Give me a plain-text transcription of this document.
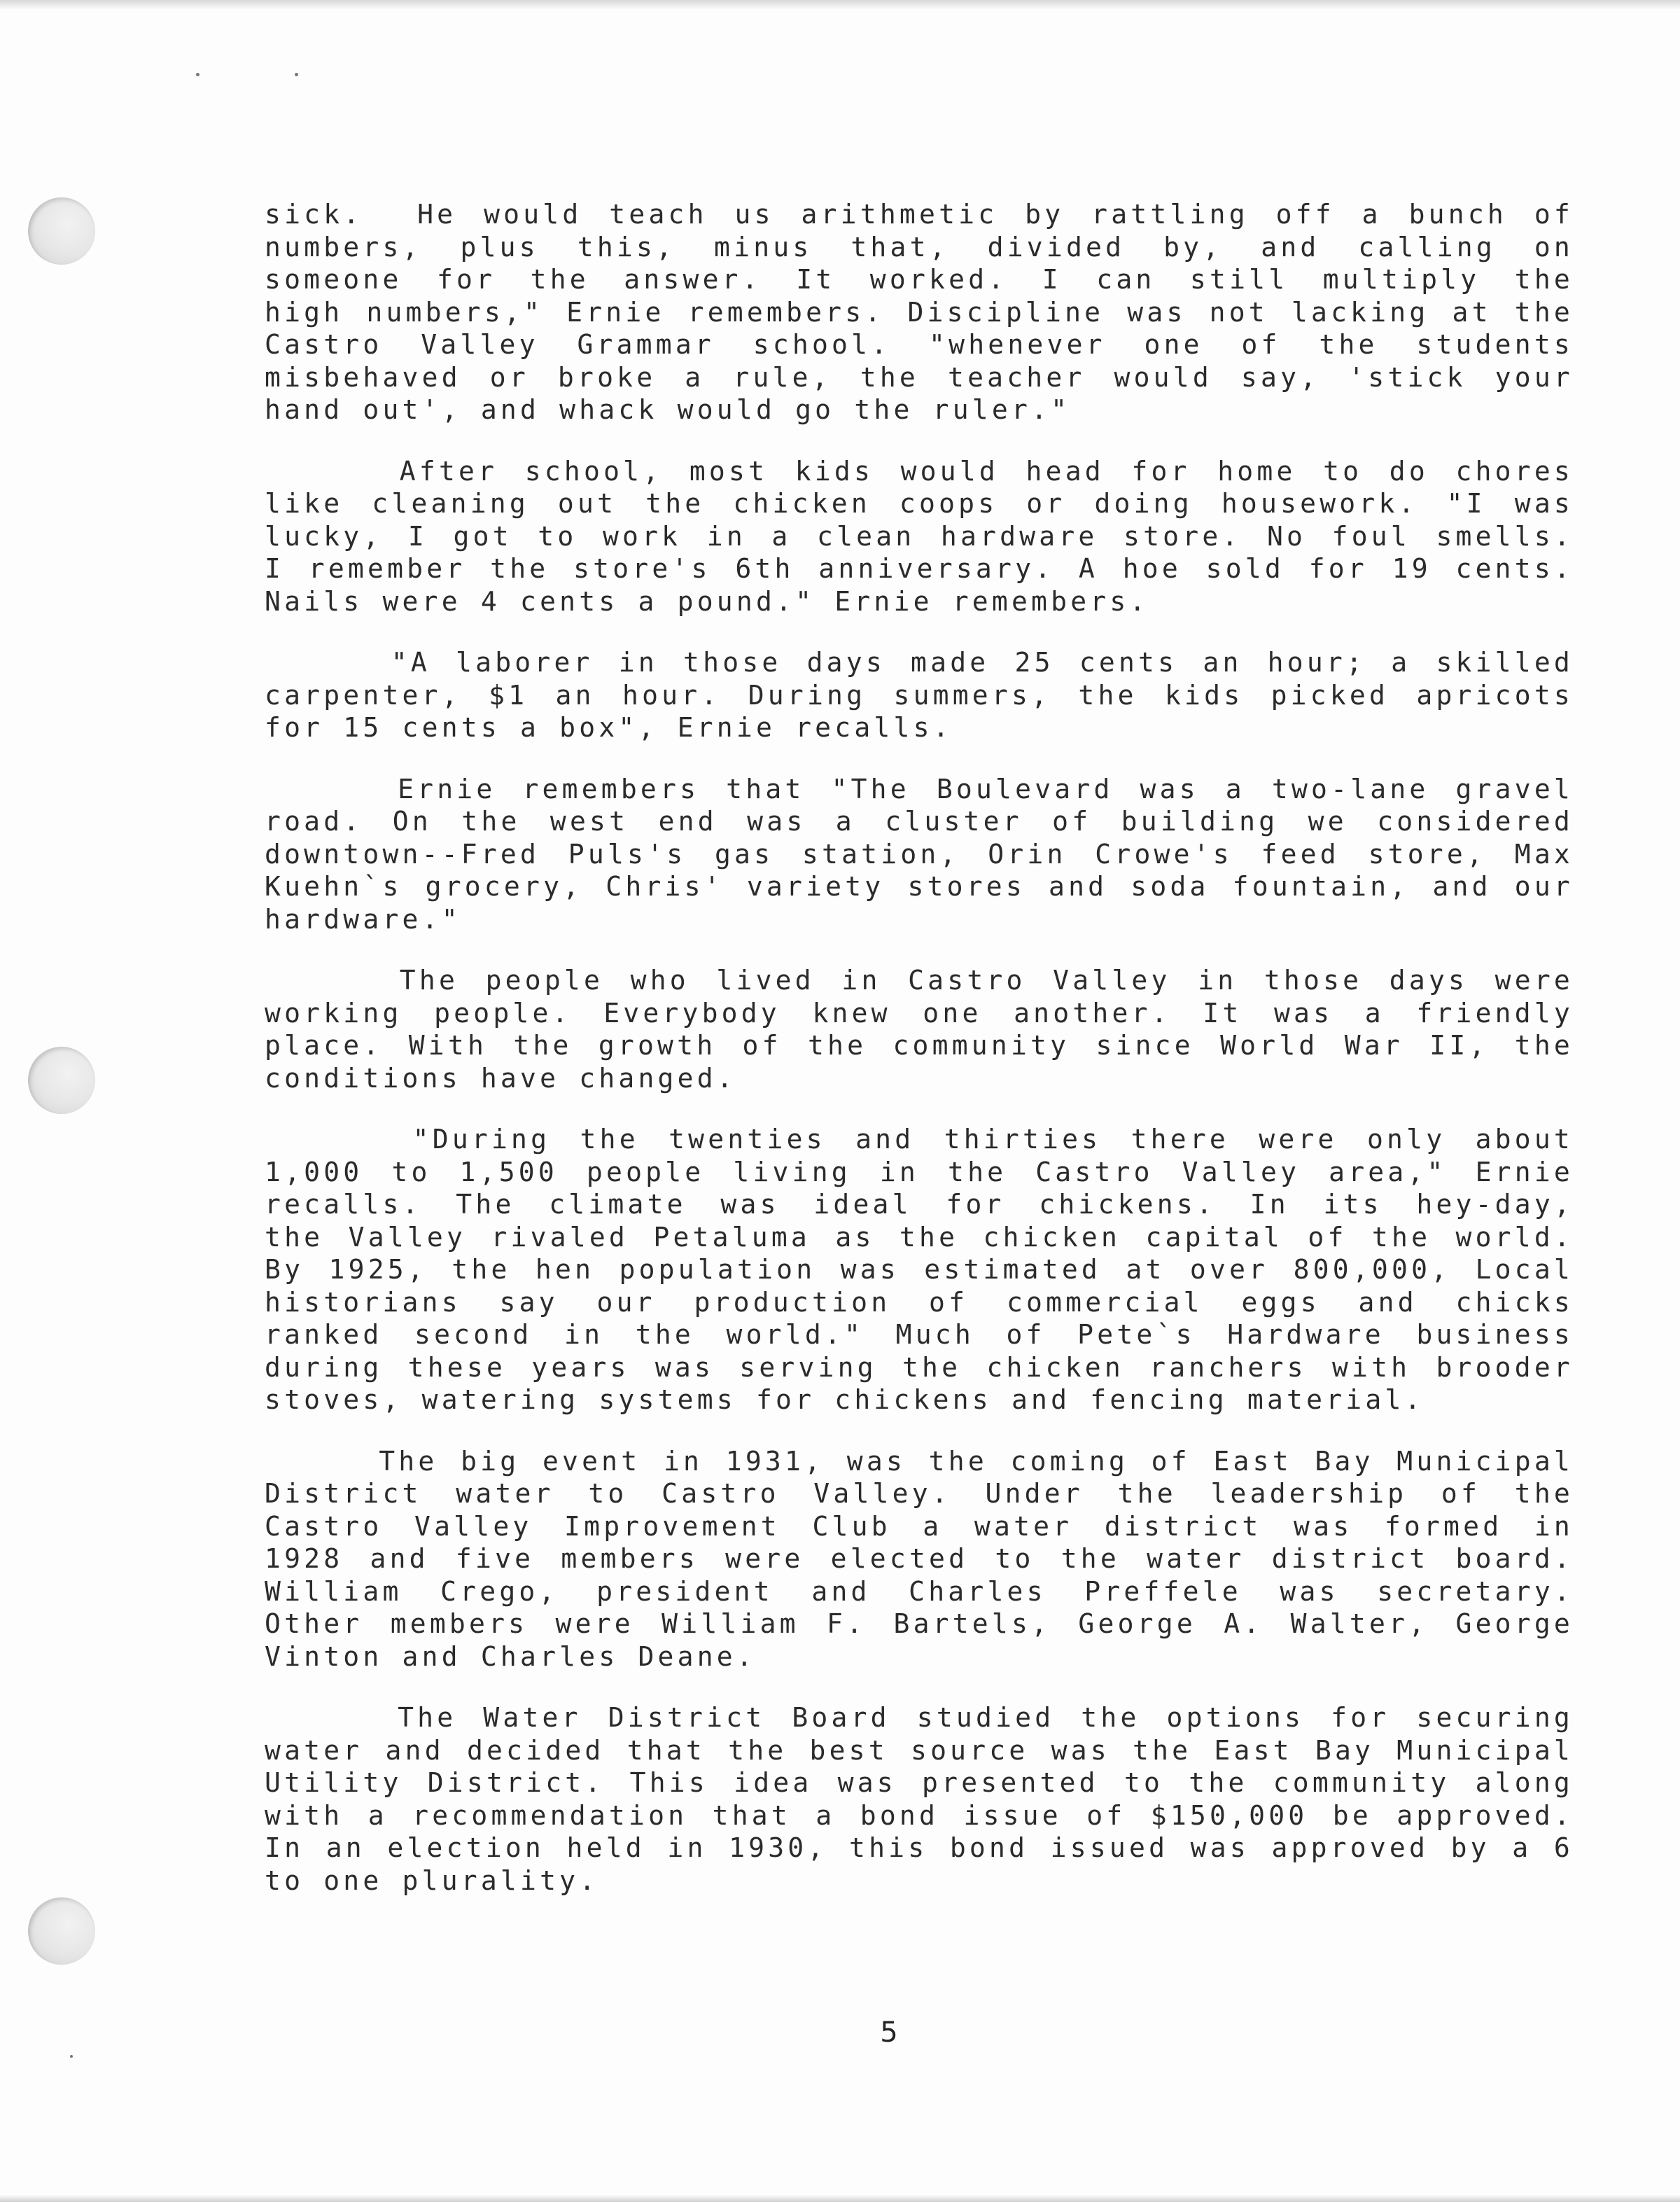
sick.  He would teach us arithmetic by rattling off a bunch of
numbers, plus this, minus that, divided by, and calling on
someone for the answer. It worked. I can still multiply the
high numbers," Ernie remembers. Discipline was not lacking at the
Castro Valley Grammar school. "whenever one of the students
misbehaved or broke a rule, the teacher would say, 'stick your
hand out', and whack would go the ruler."
After school, most kids would head for home to do chores
like cleaning out the chicken coops or doing housework. "I was
lucky, I got to work in a clean hardware store. No foul smells.
I remember the store's 6th anniversary. A hoe sold for 19 cents.
Nails were 4 cents a pound." Ernie remembers.
"A laborer in those days made 25 cents an hour; a skilled
carpenter, $1 an hour. During summers, the kids picked apricots
for 15 cents a box", Ernie recalls.
Ernie remembers that "The Boulevard was a two-lane gravel
road. On the west end was a cluster of building we considered
downtown--Fred Puls's gas station, Orin Crowe's feed store, Max
Kuehn`s grocery, Chris' variety stores and soda fountain, and our
hardware."
The people who lived in Castro Valley in those days were
working people. Everybody knew one another. It was a friendly
place. With the growth of the community since World War II, the
conditions have changed.
"During the twenties and thirties there were only about
1,000 to 1,500 people living in the Castro Valley area," Ernie
recalls. The climate was ideal for chickens. In its hey-day,
the Valley rivaled Petaluma as the chicken capital of the world.
By 1925, the hen population was estimated at over 800,000, Local
historians say our production of commercial eggs and chicks
ranked second in the world." Much of Pete`s Hardware business
during these years was serving the chicken ranchers with brooder
stoves, watering systems for chickens and fencing material.
The big event in 1931, was the coming of East Bay Municipal
District water to Castro Valley. Under the leadership of the
Castro Valley Improvement Club a water district was formed in
1928 and five members were elected to the water district board.
William Crego, president and Charles Preffele was secretary.
Other members were William F. Bartels, George A. Walter, George
Vinton and Charles Deane.
The Water District Board studied the options for securing
water and decided that the best source was the East Bay Municipal
Utility District. This idea was presented to the community along
with a recommendation that a bond issue of $150,000 be approved.
In an election held in 1930, this bond issued was approved by a 6
to one plurality.
5
